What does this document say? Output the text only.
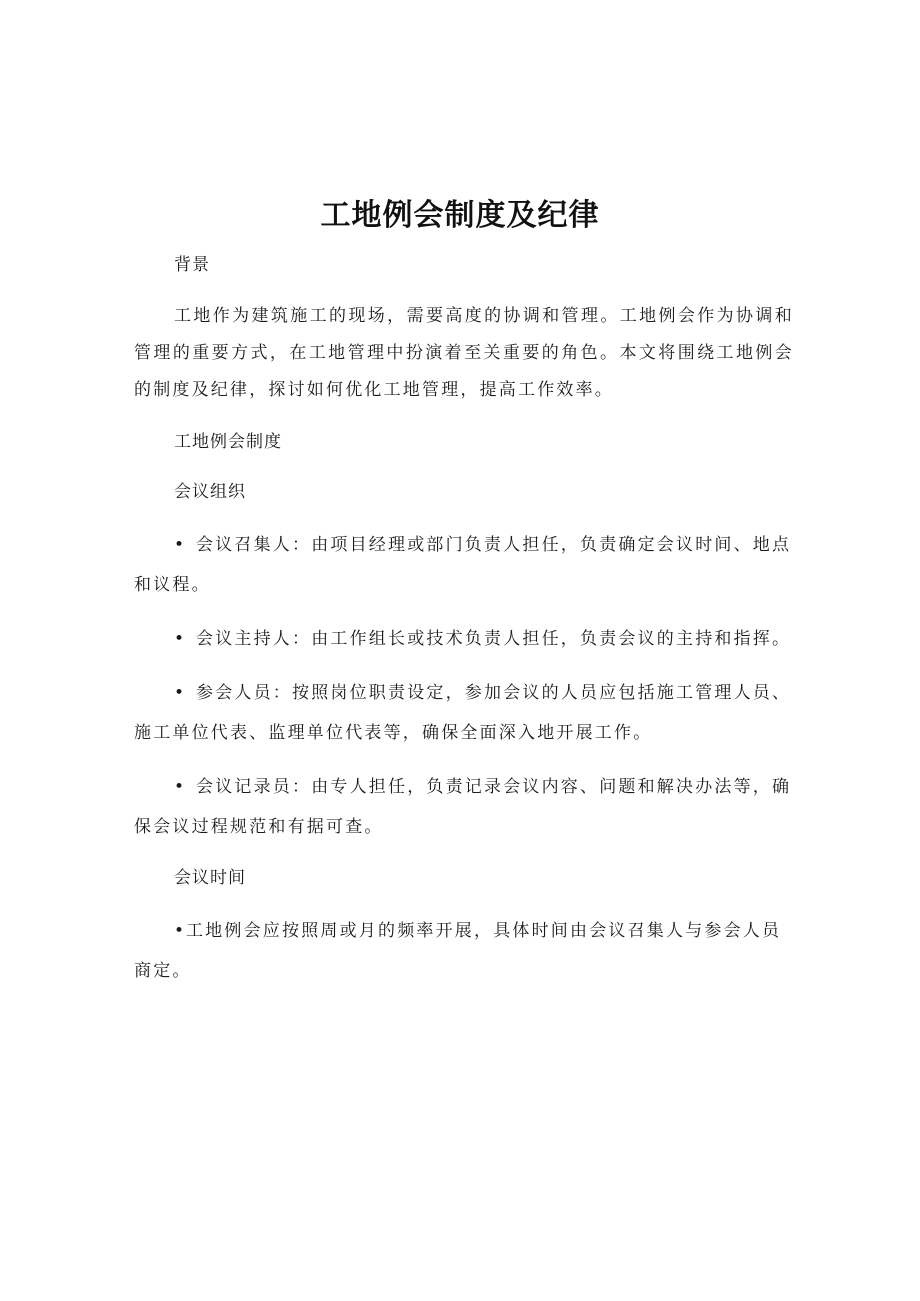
工地例会制度及纪律

背景

工地作为建筑施工的现场，需要高度的协调和管理。工地例会作为协调和管理的重要方式，在工地管理中扮演着至关重要的角色。本文将围绕工地例会的制度及纪律，探讨如何优化工地管理，提高工作效率。

工地例会制度

会议组织

• 会议召集人：由项目经理或部门负责人担任，负责确定会议时间、地点和议程。

• 会议主持人：由工作组长或技术负责人担任，负责会议的主持和指挥。

• 参会人员：按照岗位职责设定，参加会议的人员应包括施工管理人员、施工单位代表、监理单位代表等，确保全面深入地开展工作。

• 会议记录员：由专人担任，负责记录会议内容、问题和解决办法等，确保会议过程规范和有据可查。

会议时间

•工地例会应按照周或月的频率开展，具体时间由会议召集人与参会人员商定。
